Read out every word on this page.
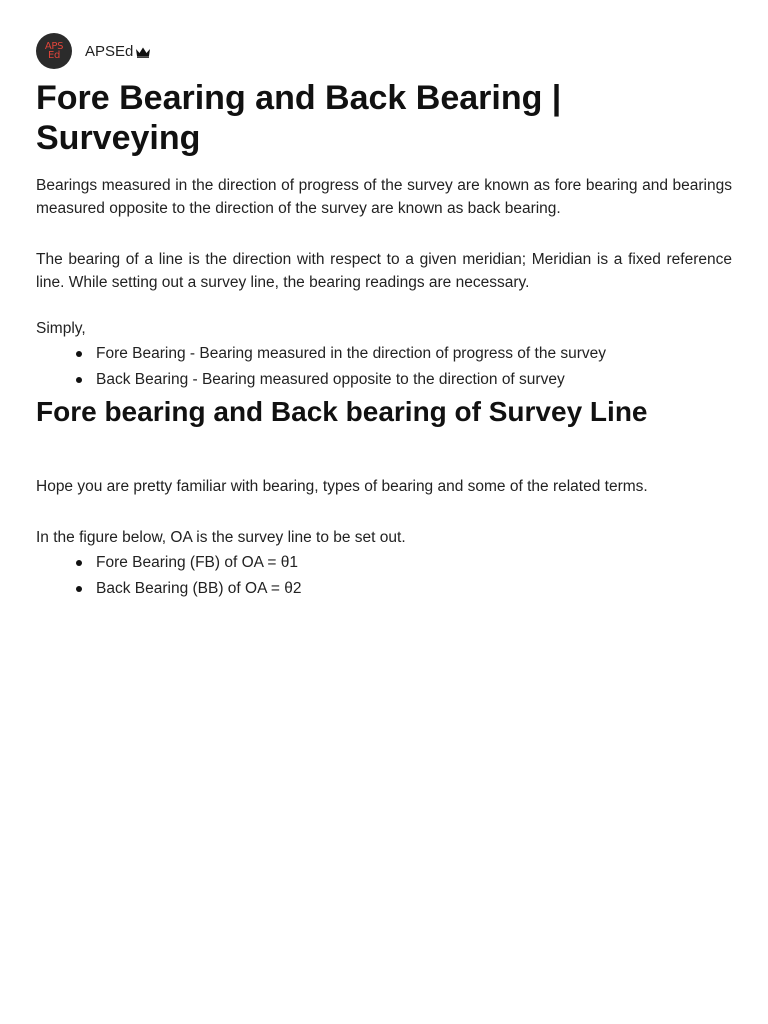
APS
Ed APSEd
Fore Bearing and Back Bearing | Surveying

Bearings measured in the direction of progress of the survey are known as fore bearing and bearings measured opposite to the direction of the survey are known as back bearing.

The bearing of a line is the direction with respect to a given meridian; Meridian is a fixed reference line. While setting out a survey line, the bearing readings are necessary.

Simply,

Fore Bearing - Bearing measured in the direction of progress of the survey
Back Bearing - Bearing measured opposite to the direction of survey
Fore bearing and Back bearing of Survey Line

Hope you are pretty familiar with bearing, types of bearing and some of the related terms.

In the figure below, OA is the survey line to be set out.

Fore Bearing (FB) of OA = θ1
Back Bearing (BB) of OA = θ2
